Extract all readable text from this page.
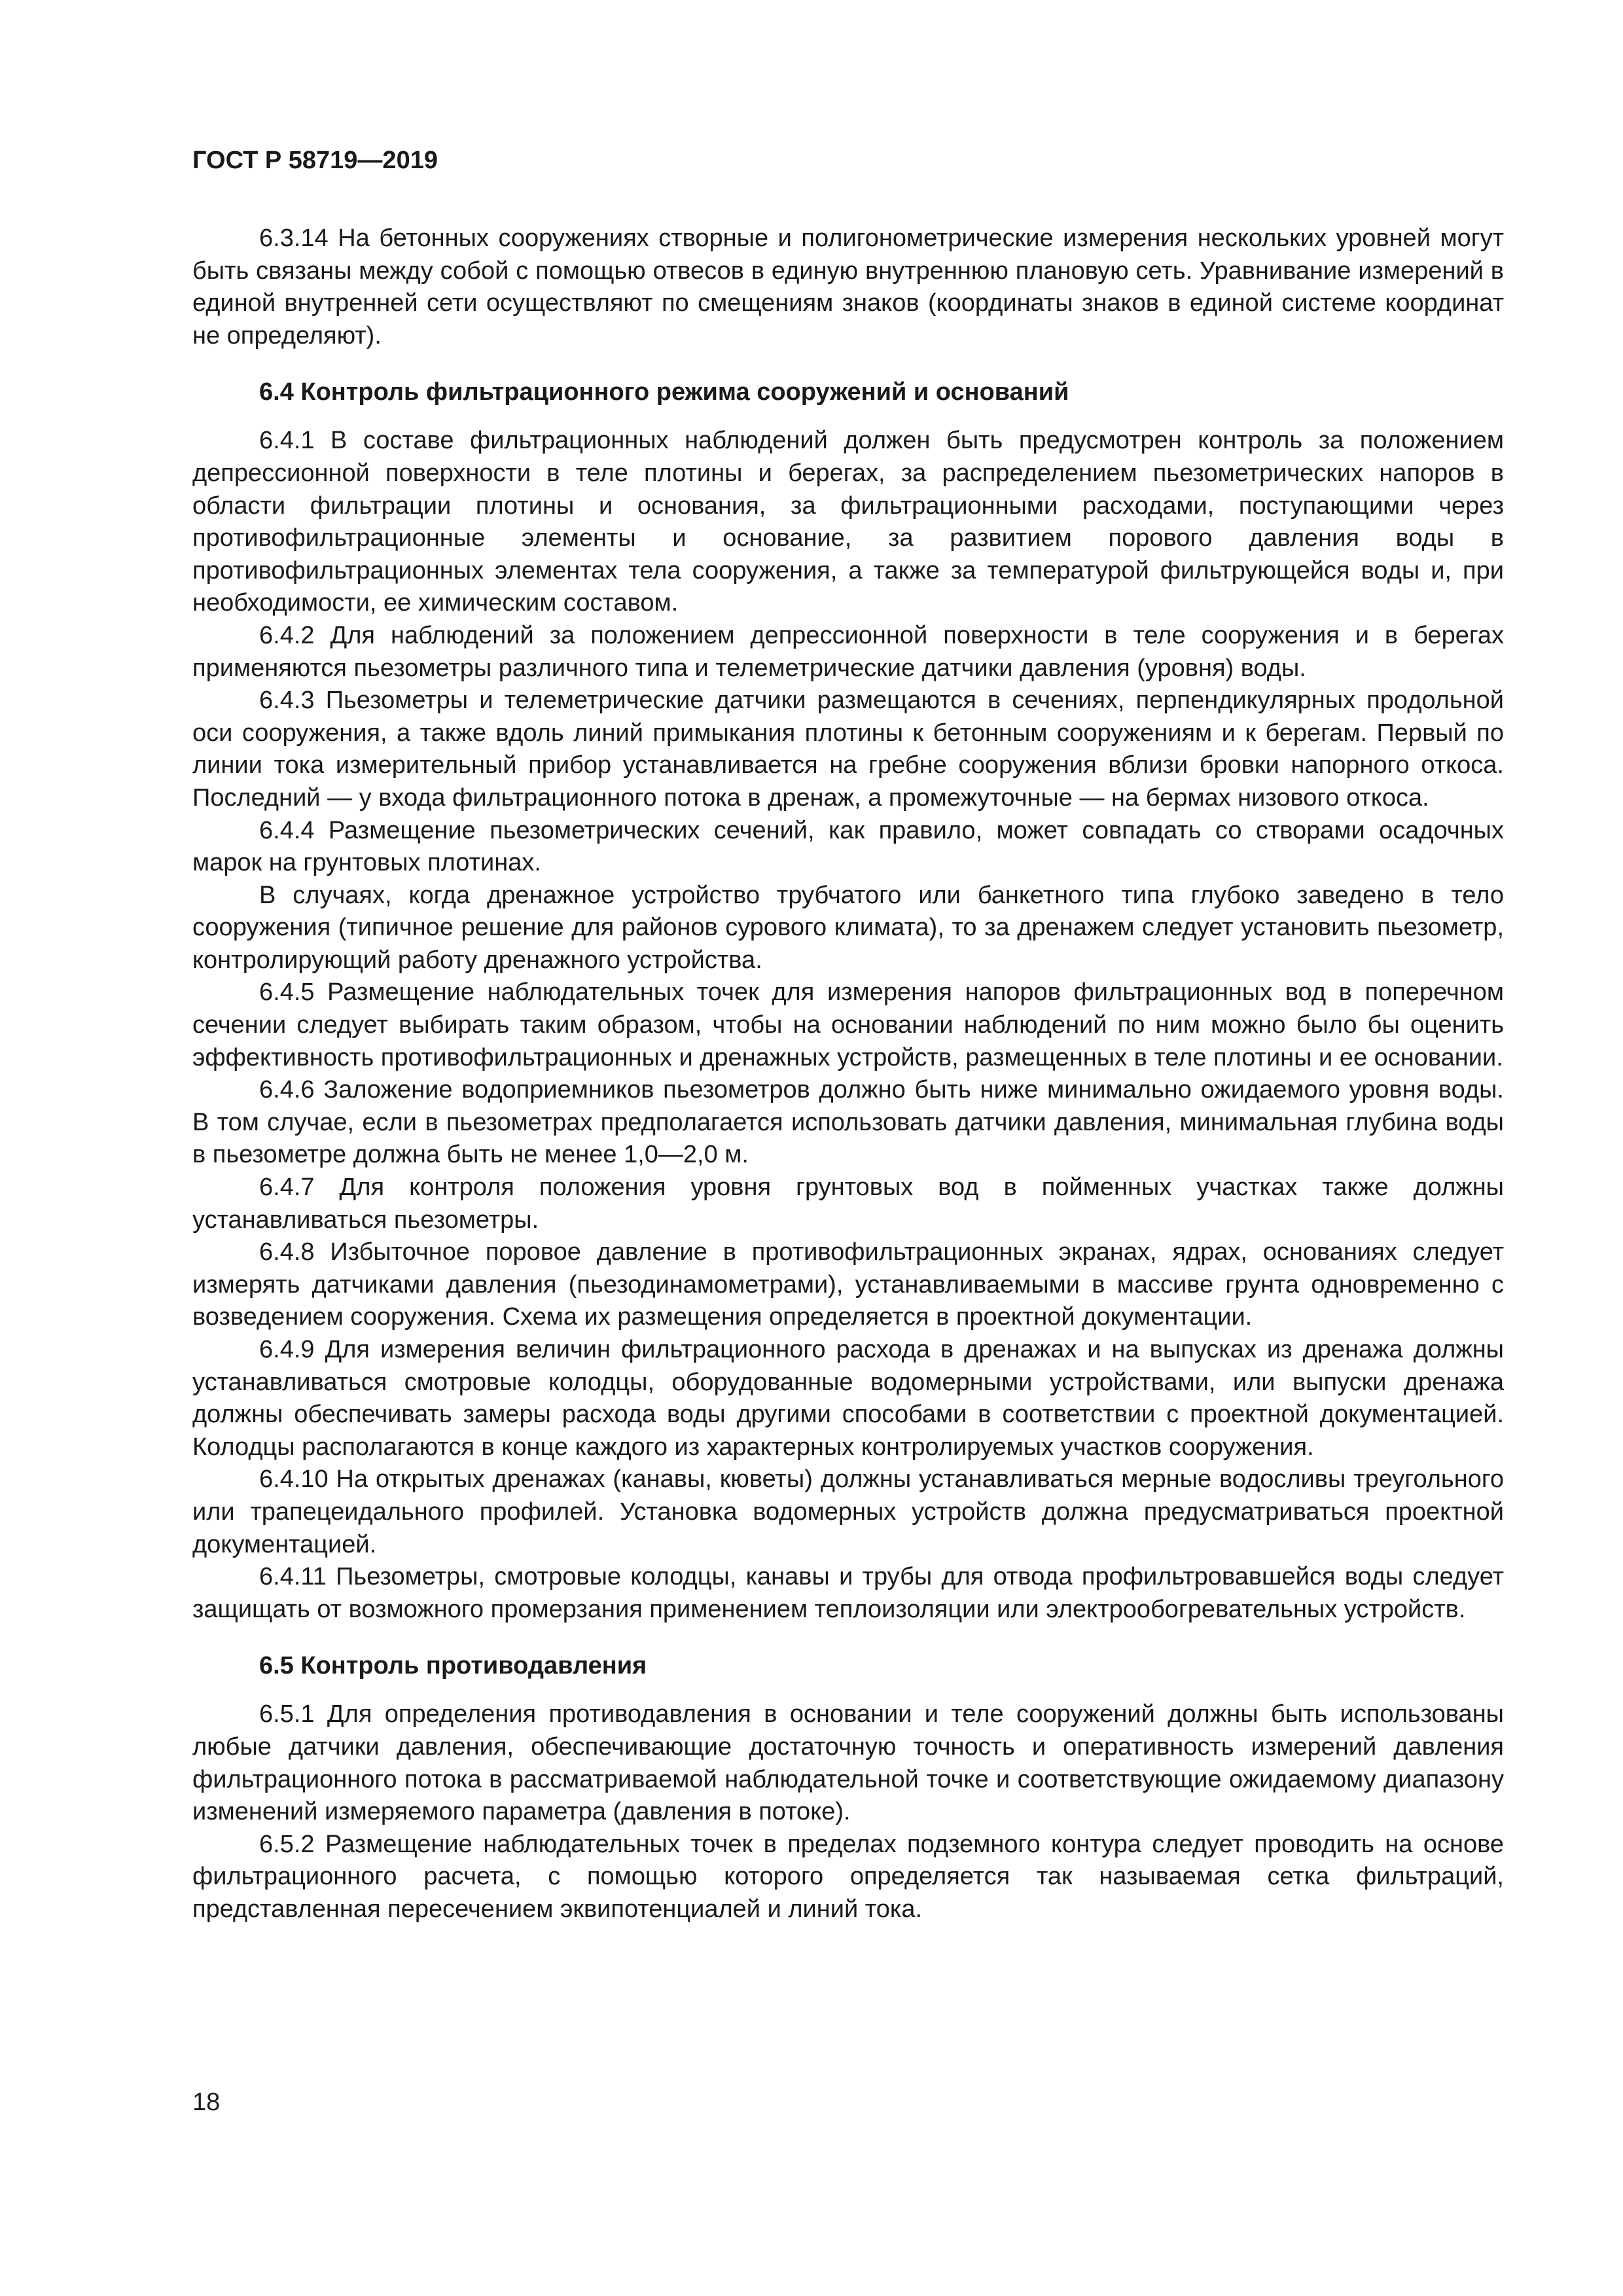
ГОСТ Р 58719—2019

6.3.14 На бетонных сооружениях створные и полигонометрические измерения нескольких уровней могут быть связаны между собой с помощью отвесов в единую внутреннюю плановую сеть. Уравнивание измерений в единой внутренней сети осуществляют по смещениям знаков (координаты знаков в единой системе координат не определяют).

6.4 Контроль фильтрационного режима сооружений и оснований

6.4.1 В составе фильтрационных наблюдений должен быть предусмотрен контроль за положением депрессионной поверхности в теле плотины и берегах, за распределением пьезометрических напоров в области фильтрации плотины и основания, за фильтрационными расходами, поступающими через противофильтрационные элементы и основание, за развитием порового давления воды в противофильтрационных элементах тела сооружения, а также за температурой фильтрующейся воды и, при необходимости, ее химическим составом.

6.4.2 Для наблюдений за положением депрессионной поверхности в теле сооружения и в берегах применяются пьезометры различного типа и телеметрические датчики давления (уровня) воды.

6.4.3 Пьезометры и телеметрические датчики размещаются в сечениях, перпендикулярных продольной оси сооружения, а также вдоль линий примыкания плотины к бетонным сооружениям и к берегам. Первый по линии тока измерительный прибор устанавливается на гребне сооружения вблизи бровки напорного откоса. Последний — у входа фильтрационного потока в дренаж, а промежуточные — на бермах низового откоса.

6.4.4 Размещение пьезометрических сечений, как правило, может совпадать со створами осадочных марок на грунтовых плотинах.

В случаях, когда дренажное устройство трубчатого или банкетного типа глубоко заведено в тело сооружения (типичное решение для районов сурового климата), то за дренажем следует установить пьезометр, контролирующий работу дренажного устройства.

6.4.5 Размещение наблюдательных точек для измерения напоров фильтрационных вод в поперечном сечении следует выбирать таким образом, чтобы на основании наблюдений по ним можно было бы оценить эффективность противофильтрационных и дренажных устройств, размещенных в теле плотины и ее основании.

6.4.6 Заложение водоприемников пьезометров должно быть ниже минимально ожидаемого уровня воды. В том случае, если в пьезометрах предполагается использовать датчики давления, минимальная глубина воды в пьезометре должна быть не менее 1,0—2,0 м.

6.4.7 Для контроля положения уровня грунтовых вод в пойменных участках также должны устанавливаться пьезометры.

6.4.8 Избыточное поровое давление в противофильтрационных экранах, ядрах, основаниях следует измерять датчиками давления (пьезодинамометрами), устанавливаемыми в массиве грунта одновременно с возведением сооружения. Схема их размещения определяется в проектной документации.

6.4.9 Для измерения величин фильтрационного расхода в дренажах и на выпусках из дренажа должны устанавливаться смотровые колодцы, оборудованные водомерными устройствами, или выпуски дренажа должны обеспечивать замеры расхода воды другими способами в соответствии с проектной документацией. Колодцы располагаются в конце каждого из характерных контролируемых участков сооружения.

6.4.10 На открытых дренажах (канавы, кюветы) должны устанавливаться мерные водосливы треугольного или трапецеидального профилей. Установка водомерных устройств должна предусматриваться проектной документацией.

6.4.11 Пьезометры, смотровые колодцы, канавы и трубы для отвода профильтровавшейся воды следует защищать от возможного промерзания применением теплоизоляции или электрообогревательных устройств.

6.5 Контроль противодавления

6.5.1 Для определения противодавления в основании и теле сооружений должны быть использованы любые датчики давления, обеспечивающие достаточную точность и оперативность измерений давления фильтрационного потока в рассматриваемой наблюдательной точке и соответствующие ожидаемому диапазону изменений измеряемого параметра (давления в потоке).

6.5.2 Размещение наблюдательных точек в пределах подземного контура следует проводить на основе фильтрационного расчета, с помощью которого определяется так называемая сетка фильтраций, представленная пересечением эквипотенциалей и линий тока.

18
